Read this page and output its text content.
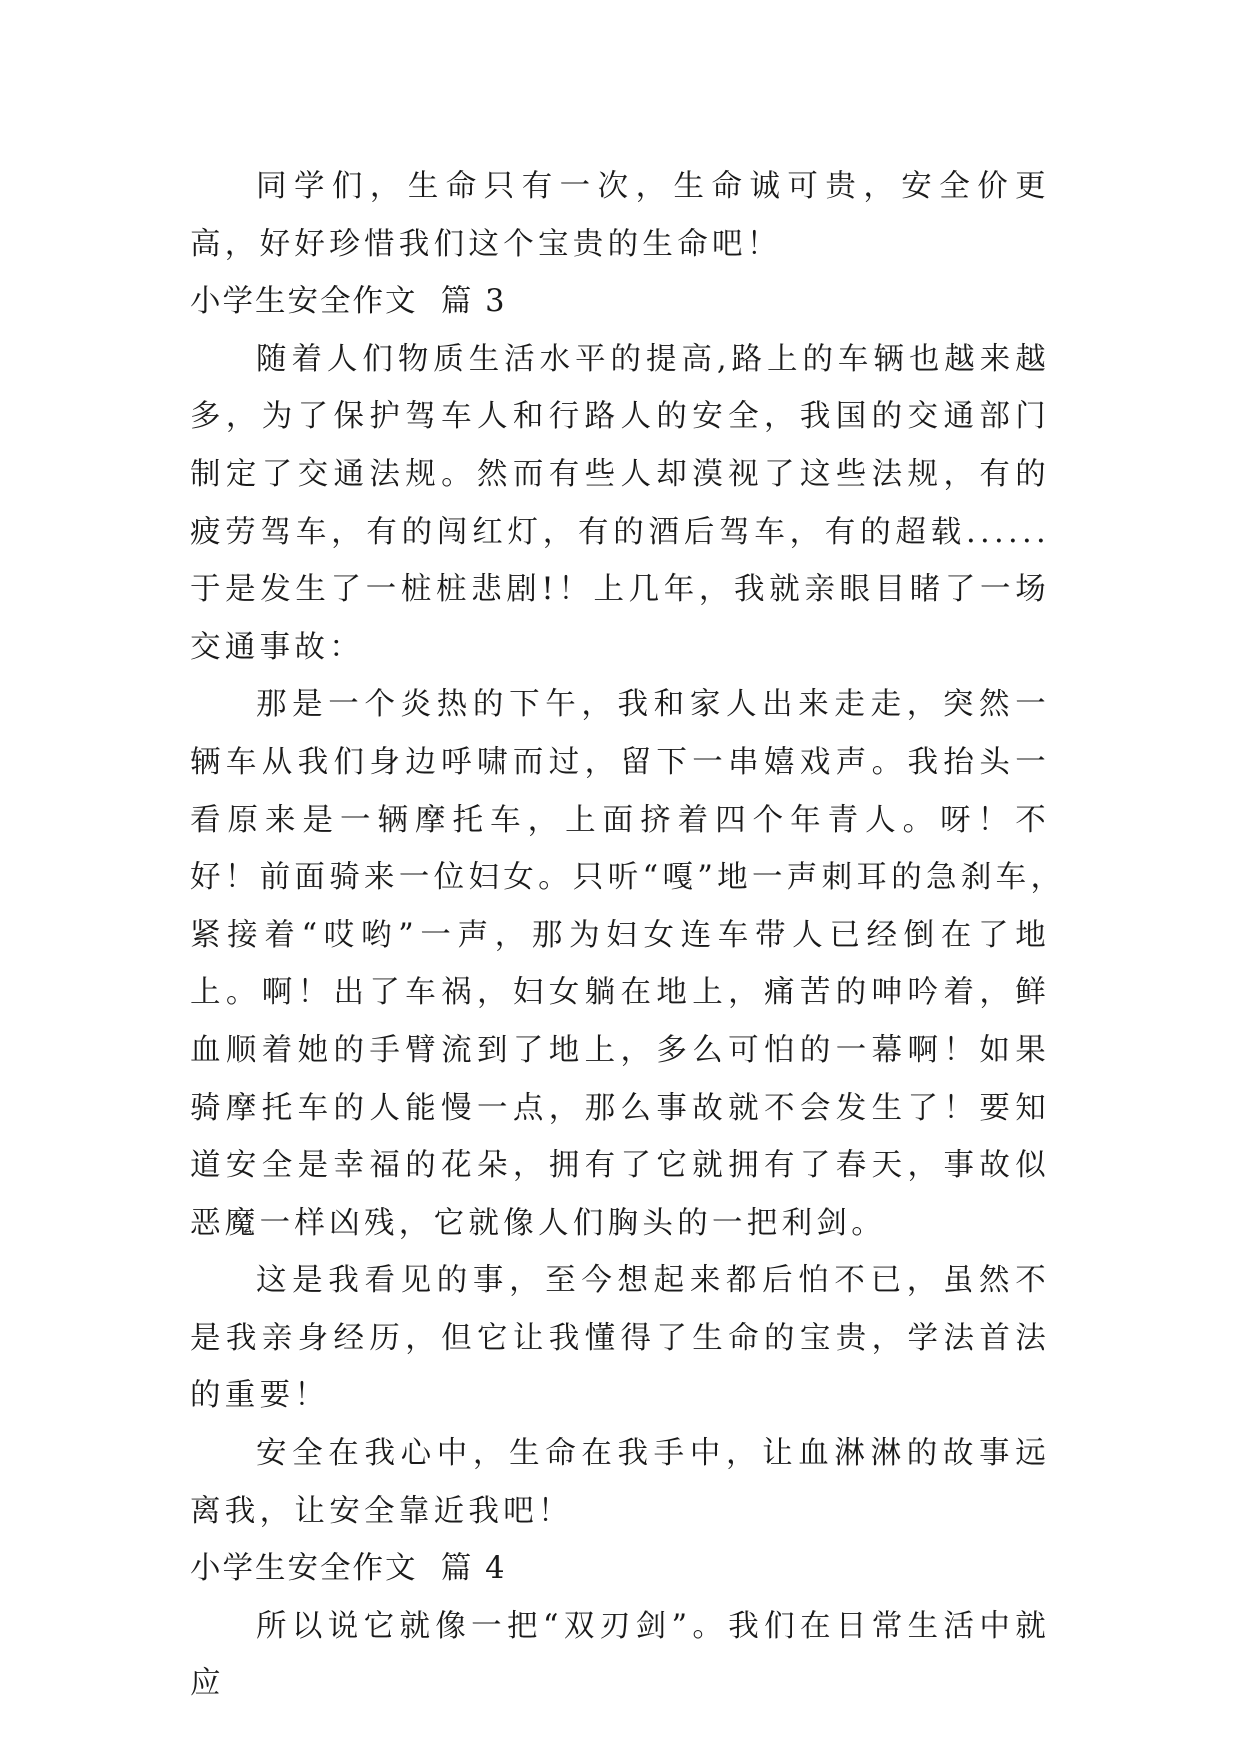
同学们，生命只有一次，生命诚可贵，安全价更高，好好珍惜我们这个宝贵的生命吧！

小学生安全作文  篇 3

随着人们物质生活水平的提高,路上的车辆也越来越多，为了保护驾车人和行路人的安全，我国的交通部门制定了交通法规。然而有些人却漠视了这些法规，有的疲劳驾车，有的闯红灯，有的酒后驾车，有的超载......于是发生了一桩桩悲剧!！上几年，我就亲眼目睹了一场交通事故：

那是一个炎热的下午，我和家人出来走走，突然一辆车从我们身边呼啸而过，留下一串嬉戏声。我抬头一看原来是一辆摩托车，上面挤着四个年青人。呀！不好！前面骑来一位妇女。只听“嘎”地一声刺耳的急刹车，　紧接着“哎哟”一声，那为妇女连车带人已经倒在了地上。啊！出了车祸，妇女躺在地上，痛苦的呻吟着，鲜血顺着她的手臂流到了地上，多么可怕的一幕啊！如果骑摩托车的人能慢一点，那么事故就不会发生了！要知道安全是幸福的花朵，拥有了它就拥有了春天，事故似恶魔一样凶残，它就像人们胸头的一把利剑。

这是我看见的事，至今想起来都后怕不已，虽然不是我亲身经历，但它让我懂得了生命的宝贵，学法首法的重要！

安全在我心中，生命在我手中，让血淋淋的故事远离我，让安全靠近我吧！

小学生安全作文  篇 4

所以说它就像一把“双刃剑”。我们在日常生活中就应
